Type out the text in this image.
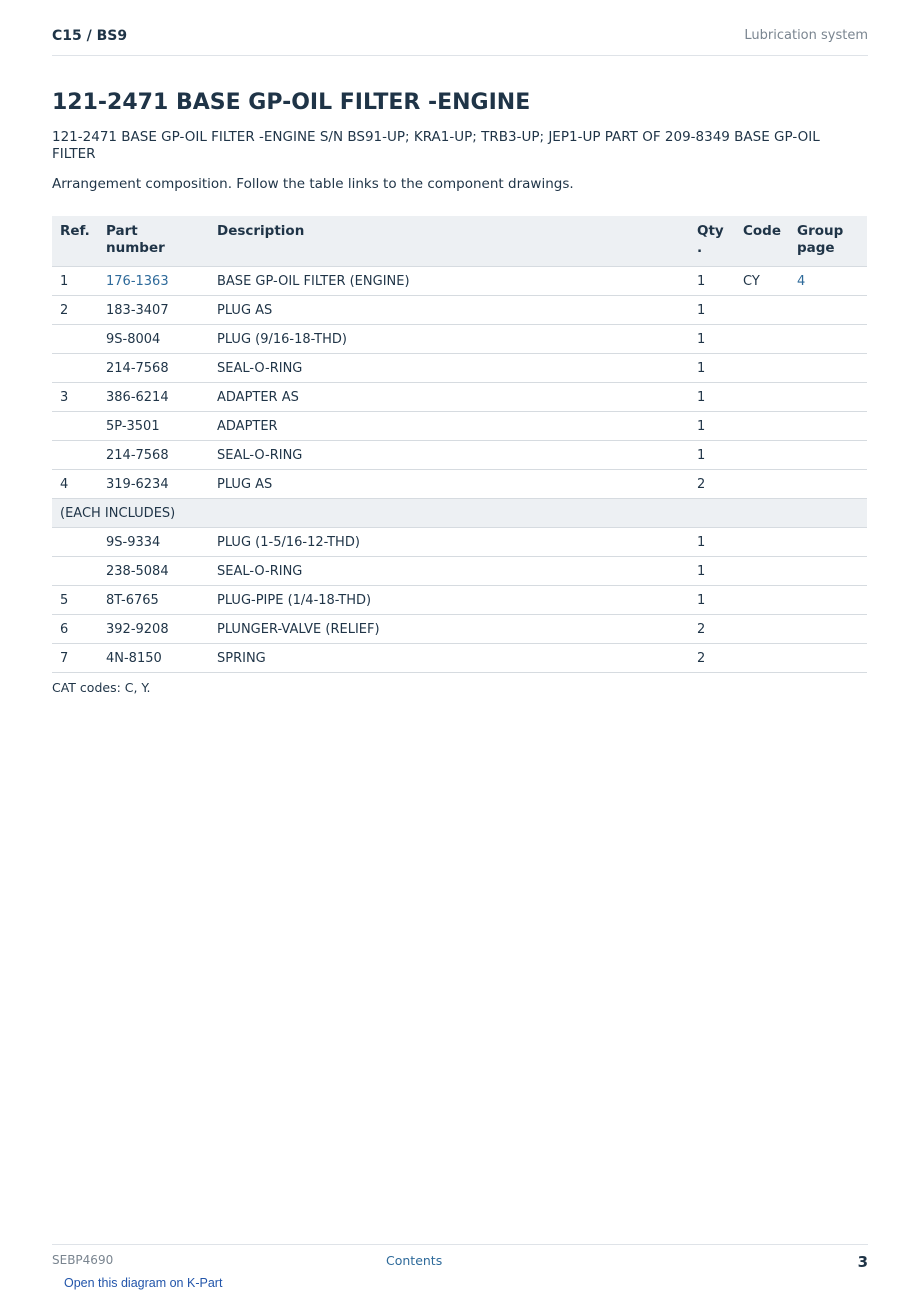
C15 / BS9	Lubrication system
121-2471 BASE GP-OIL FILTER -ENGINE
121-2471 BASE GP-OIL FILTER -ENGINE S/N BS91-UP; KRA1-UP; TRB3-UP; JEP1-UP PART OF 209-8349 BASE GP-OIL FILTER
Arrangement composition. Follow the table links to the component drawings.
Ref.	Part number	Description	Qty .	Code	Group page
1	176-1363	BASE GP-OIL FILTER (ENGINE)	1	CY	4
2	183-3407	PLUG AS	1		
	9S-8004	PLUG (9/16-18-THD)	1		
	214-7568	SEAL-O-RING	1		
3	386-6214	ADAPTER AS	1		
	5P-3501	ADAPTER	1		
	214-7568	SEAL-O-RING	1		
4	319-6234	PLUG AS	2		
(EACH INCLUDES)					
	9S-9334	PLUG (1-5/16-12-THD)	1		
	238-5084	SEAL-O-RING	1		
5	8T-6765	PLUG-PIPE (1/4-18-THD)	1		
6	392-9208	PLUNGER-VALVE (RELIEF)	2		
7	4N-8150	SPRING	2		
CAT codes: C, Y.
SEBP4690	Contents	3
Open this diagram on K-Part
